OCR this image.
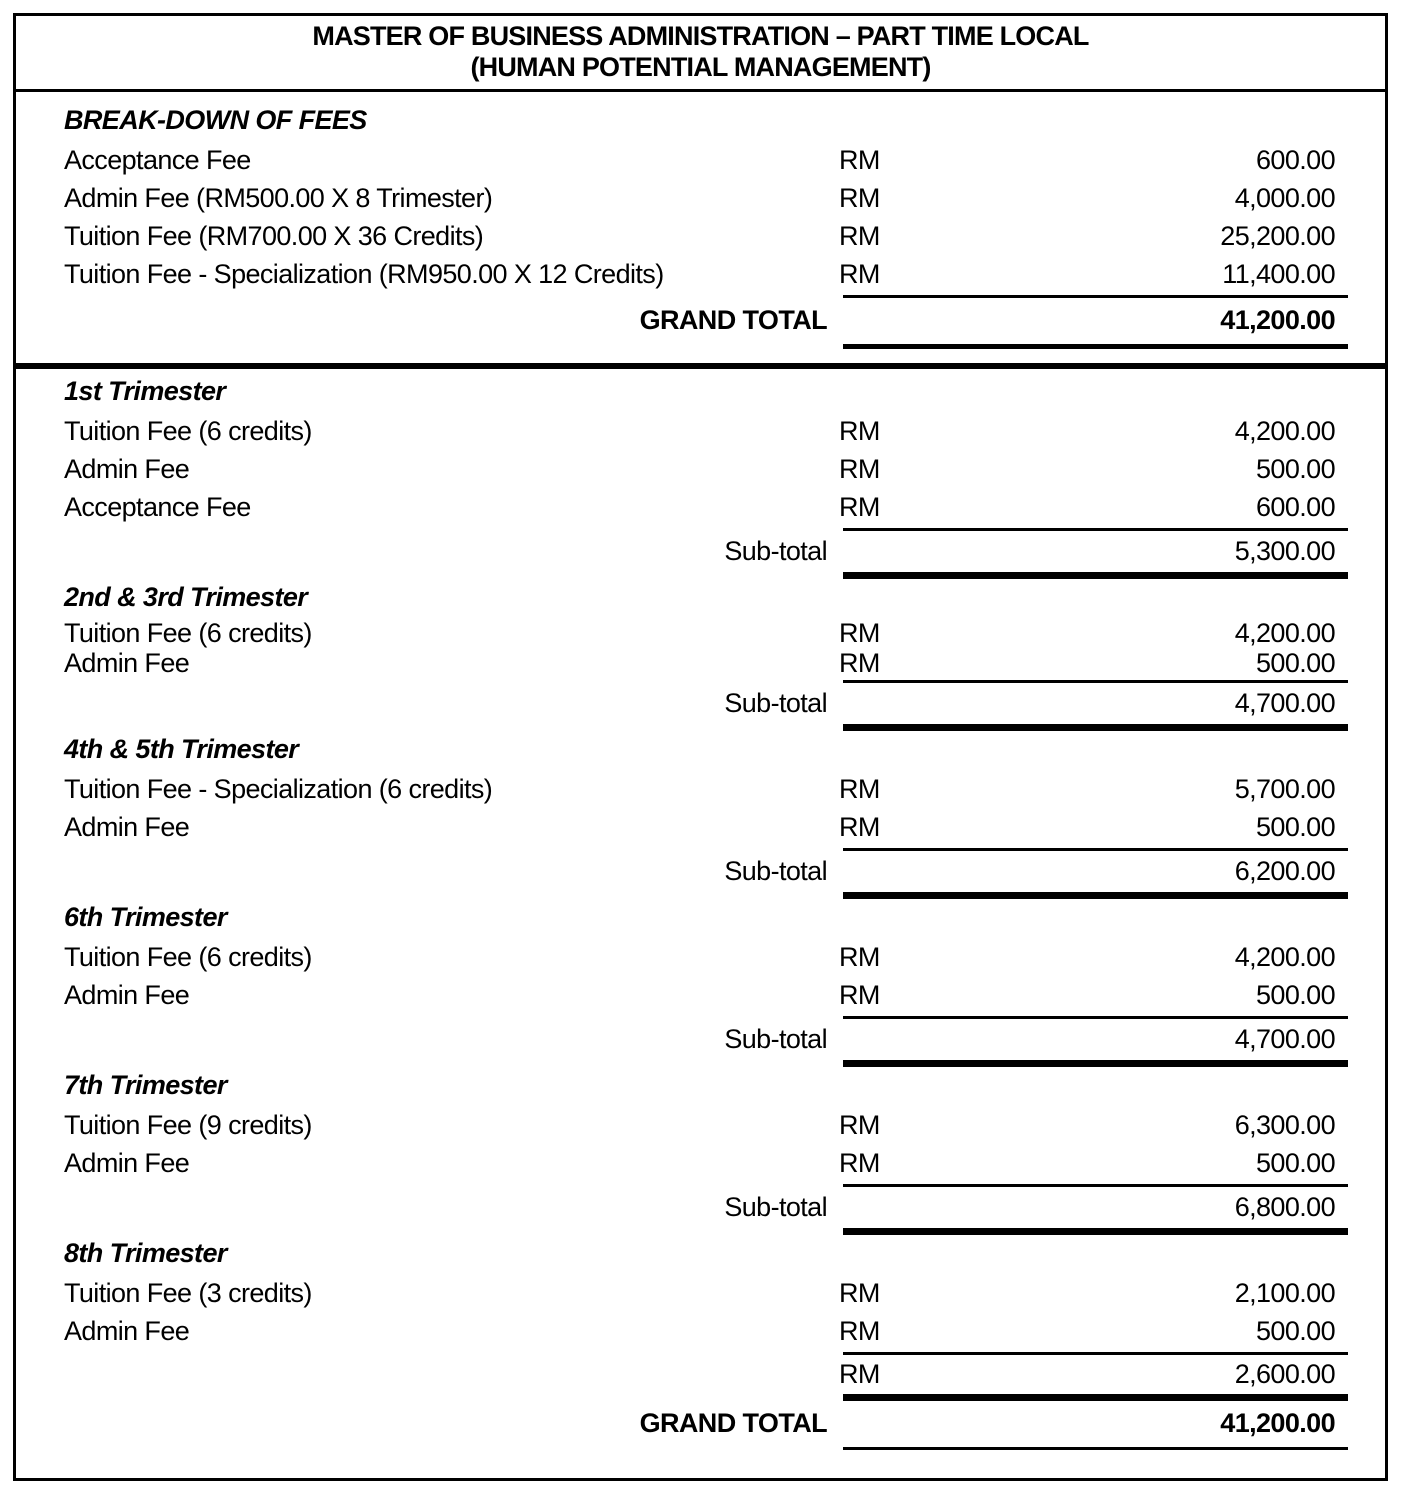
MASTER OF BUSINESS ADMINISTRATION – PART TIME LOCAL
(HUMAN POTENTIAL MANAGEMENT)
BREAK-DOWN OF FEES
Acceptance Fee	RM	600.00
Admin Fee (RM500.00 X 8 Trimester)	RM	4,000.00
Tuition Fee (RM700.00 X 36 Credits)	RM	25,200.00
Tuition Fee - Specialization (RM950.00 X 12 Credits)	RM	11,400.00
GRAND TOTAL	41,200.00
1st Trimester
Tuition Fee (6 credits)	RM	4,200.00
Admin Fee	RM	500.00
Acceptance Fee	RM	600.00
Sub-total	5,300.00
2nd & 3rd Trimester
Tuition Fee (6 credits)	RM	4,200.00
Admin Fee	RM	500.00
Sub-total	4,700.00
4th & 5th Trimester
Tuition Fee - Specialization (6 credits)	RM	5,700.00
Admin Fee	RM	500.00
Sub-total	6,200.00
6th Trimester
Tuition Fee (6 credits)	RM	4,200.00
Admin Fee	RM	500.00
Sub-total	4,700.00
7th Trimester
Tuition Fee (9 credits)	RM	6,300.00
Admin Fee	RM	500.00
Sub-total	6,800.00
8th Trimester
Tuition Fee (3 credits)	RM	2,100.00
Admin Fee	RM	500.00
RM	2,600.00
GRAND TOTAL	41,200.00
